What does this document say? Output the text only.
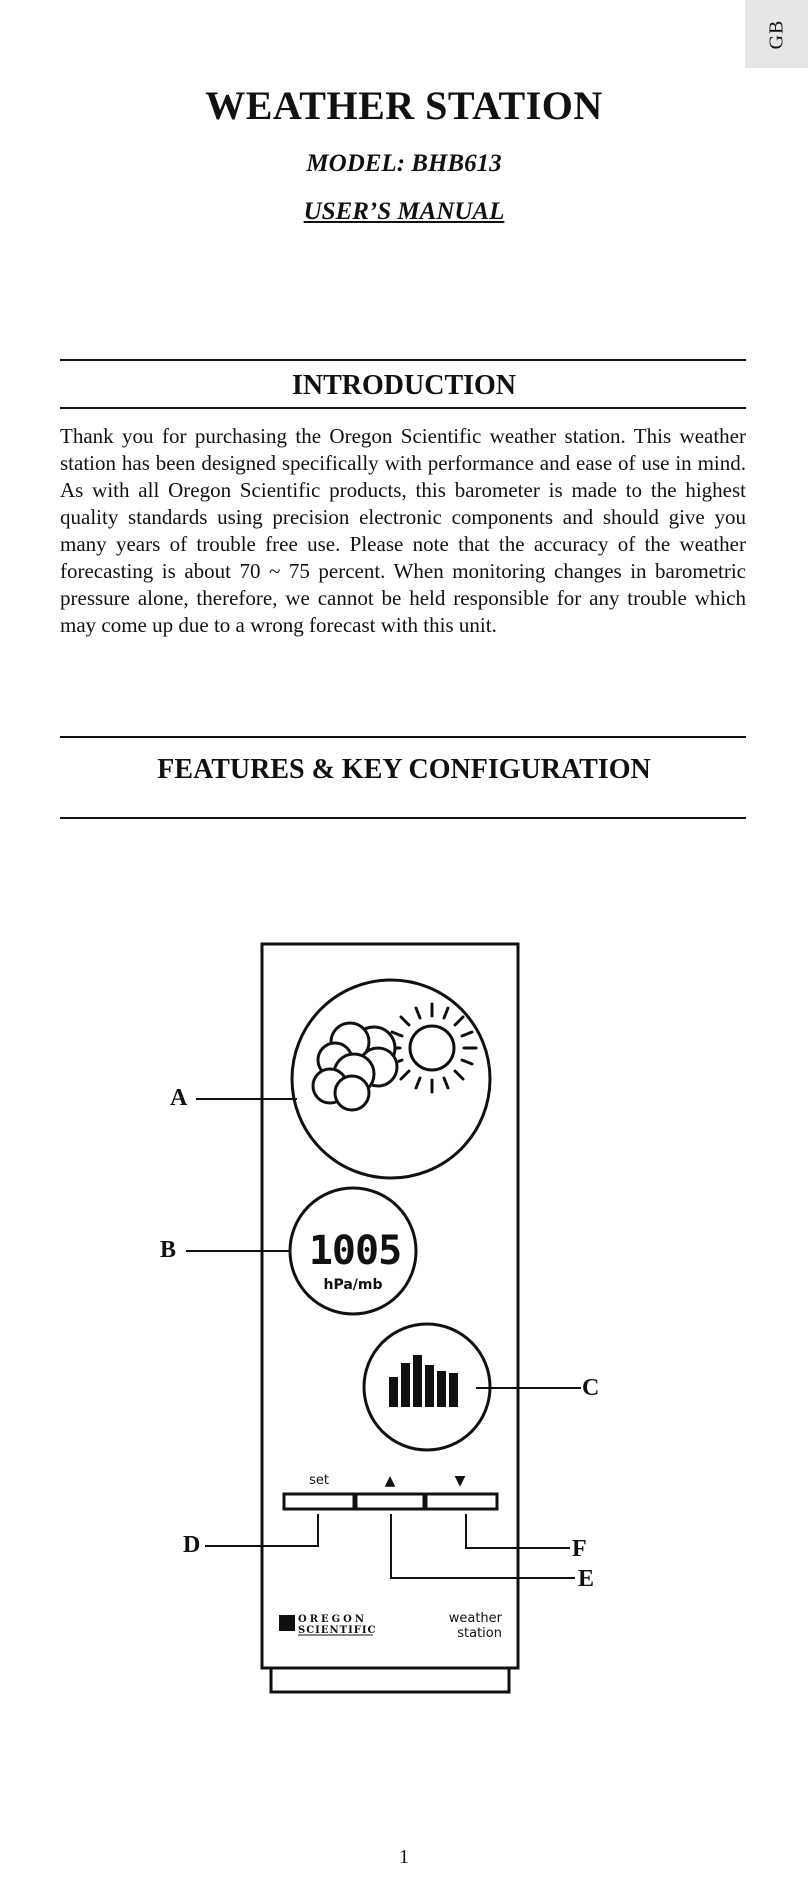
GB
WEATHER STATION
MODEL: BHB613
USER’S MANUAL
INTRODUCTION
Thank you for purchasing the Oregon Scientific weather station. This weather station has been designed specifically with performance and ease of use in mind. As with all Oregon Scientific products, this barometer is made to the highest quality standards using precision electronic components and should give you many years of trouble free use. Please note that the accuracy of the weather forecasting is about 70 ~ 75 percent. When monitoring changes in barometric pressure alone, therefore, we cannot be held responsible for any trouble which may come up due to a wrong forecast with this unit.
FEATURES & KEY CONFIGURATION
1005
hPa/mb
set	▲	▼
OREGON
SCIENTIFIC
weather
station
A
B
C
D
E
F
1
